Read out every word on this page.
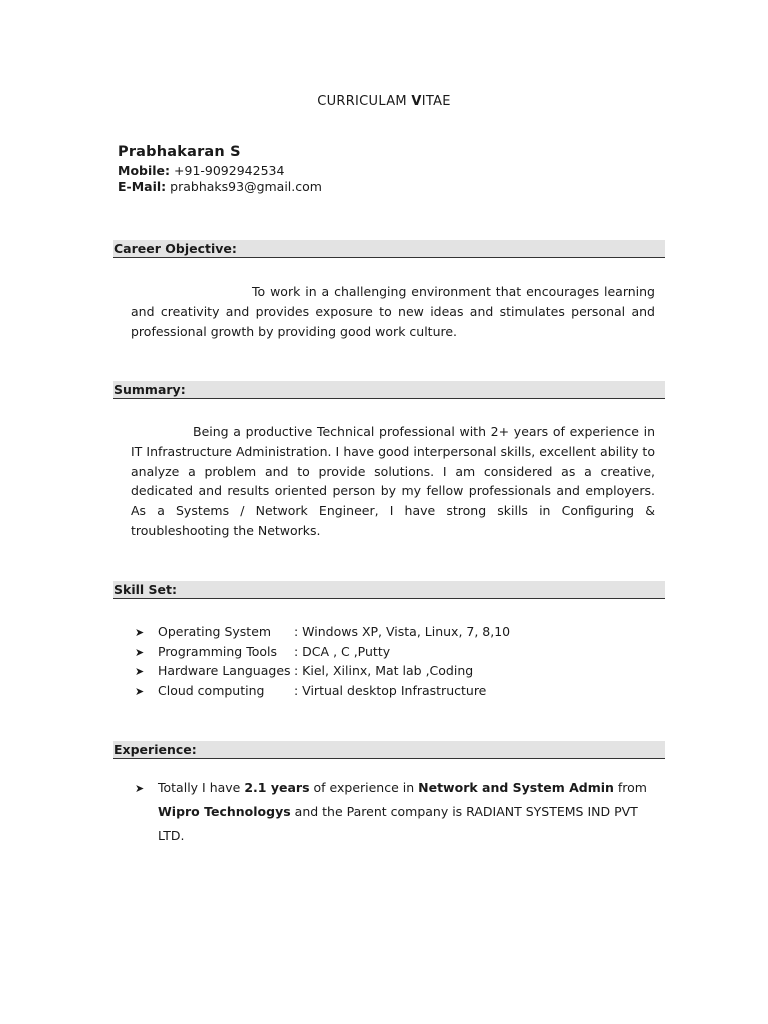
CURRICULAM VITAE
Prabhakaran S
Mobile: +91-9092942534
E-Mail: prabhaks93@gmail.com
Career Objective:

To work in a challenging environment that encourages learning and creativity and provides exposure to new ideas and stimulates personal and professional growth by providing good work culture.

Summary:

Being a productive Technical professional with 2+ years of experience in IT Infrastructure Administration. I have good interpersonal skills, excellent ability to analyze a problem and to provide solutions. I am considered as a creative, dedicated and results oriented person by my fellow professionals and employers. As a Systems / Network Engineer, I have strong skills in Configuring & troubleshooting the Networks.

Skill Set:
➤ Operating System : Windows XP, Vista, Linux, 7, 8,10
➤ Programming Tools : DCA , C ,Putty
➤ Hardware Languages : Kiel, Xilinx, Mat lab ,Coding
➤ Cloud computing : Virtual desktop Infrastructure
Experience:
➤ Totally I have 2.1 years of experience in Network and System Admin from Wipro Technologys and the Parent company is RADIANT SYSTEMS IND PVT LTD.
